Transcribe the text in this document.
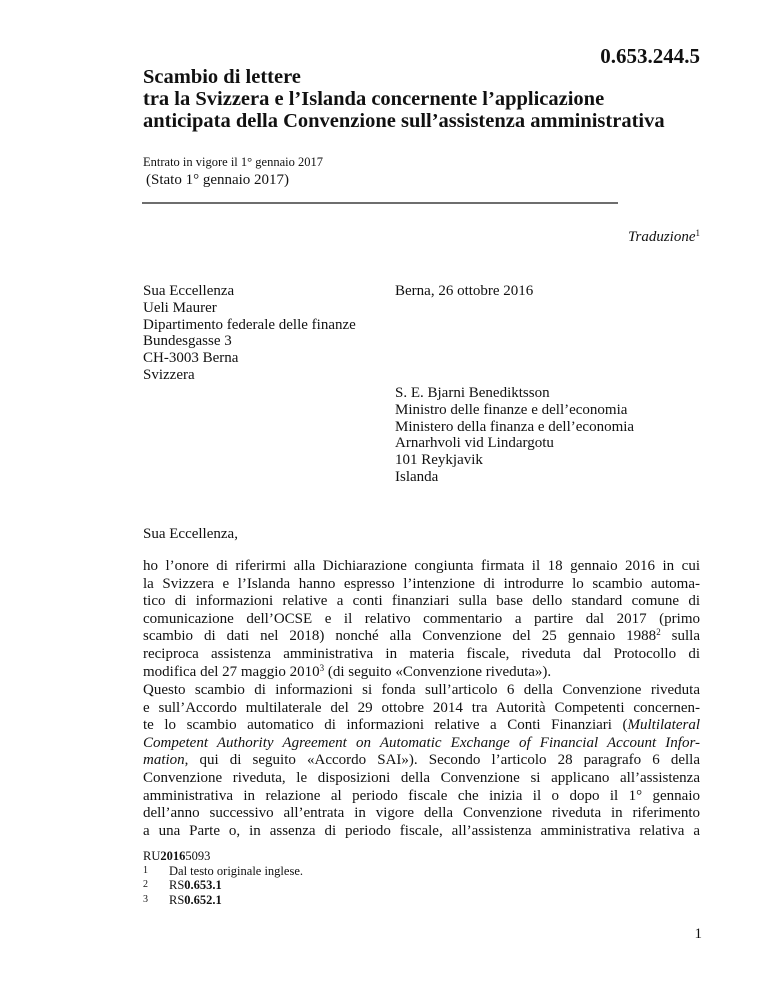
0.653.244.5
Scambio di lettere
tra la Svizzera e l’Islanda concernente l’applicazione
anticipata della Convenzione sull’assistenza amministrativa
Entrato in vigore il 1° gennaio 2017
(Stato 1° gennaio 2017)
Traduzione$^1$
Sua Eccellenza
Ueli Maurer
Dipartimento federale delle finanze
Bundesgasse 3
CH-3003 Berna
Svizzera
Berna, 26 ottobre 2016
S. E. Bjarni Benediktsson
Ministro delle finanze e dell’economia
Ministero della finanza e dell’economia
Arnarhvoli vid Lindargotu
101 Reykjavik
Islanda
Sua Eccellenza,
ho l’onore di riferirmi alla Dichiarazione congiunta firmata il 18 gennaio 2016 in cui
la Svizzera e l’Islanda hanno espresso l’intenzione di introdurre lo scambio automa-
tico di informazioni relative a conti finanziari sulla base dello standard comune di
comunicazione dell’OCSE e il relativo commentario a partire dal 2017 (primo
scambio di dati nel 2018) nonché alla Convenzione del 25 gennaio 1988$^2$ sulla
reciproca assistenza amministrativa in materia fiscale, riveduta dal Protocollo di
modifica del 27 maggio 2010$^3$ (di seguito «Convenzione riveduta»).
Questo scambio di informazioni si fonda sull’articolo 6 della Convenzione riveduta
e sull’Accordo multilaterale del 29 ottobre 2014 tra Autorità Competenti concernen-
te lo scambio automatico di informazioni relative a Conti Finanziari (Multilateral
Competent Authority Agreement on Automatic Exchange of Financial Account Infor-
mation, qui di seguito «Accordo SAI»). Secondo l’articolo 28 paragrafo 6 della
Convenzione riveduta, le disposizioni della Convenzione si applicano all’assistenza
amministrativa in relazione al periodo fiscale che inizia il o dopo il 1° gennaio
dell’anno successivo all’entrata in vigore della Convenzione riveduta in riferimento
a una Parte o, in assenza di periodo fiscale, all’assistenza amministrativa relativa a
RU 2016 5093
1	Dal testo originale inglese.
2	RS 0.653.1
3	RS 0.652.1
1
